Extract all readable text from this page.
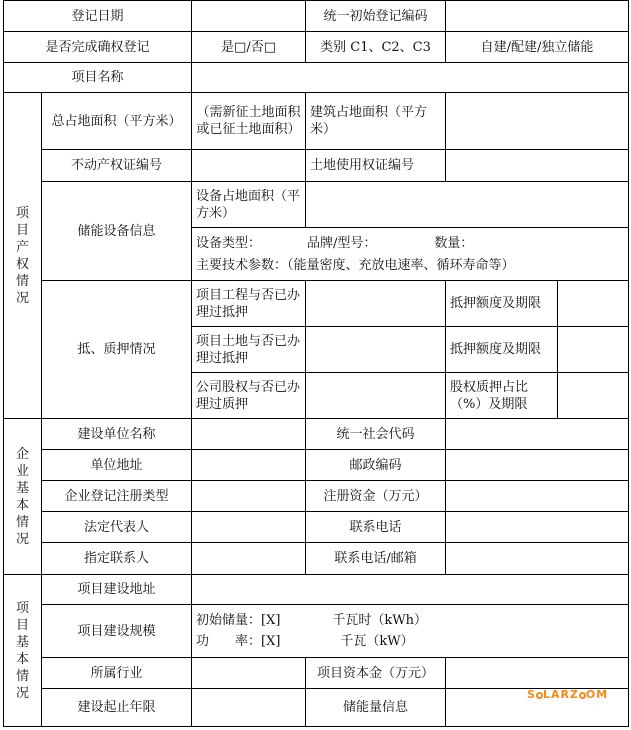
登记日期			统一初始登记编码		
是否完成确权登记		是□/否□	类别 C1、C2、C3	自建/配建/独立储能	
项目名称					
项目产权情况	总占地面积（平方米）	（需新征土地面积或已征土地面积）	建筑占地面积（平方米）		
	不动产权证编号		土地使用权证编号		
	储能设备信息	设备占地面积（平方米）			

		设备类型： 品牌/型号： 数量：
主要技术参数：（能量密度、充放电速率、循环寿命等）			

	抵、质押情况	项目工程与否已办理过抵押		抵押额度及期限	
		项目土地与否已办理过抵押		抵押额度及期限	
		公司股权与否已办理过质押		股权质押占比（%）及期限	
企业基本情况	建设单位名称		统一社会代码		
	单位地址		邮政编码		
	企业登记注册类型		注册资金（万元）		
	法定代表人		联系电话		
	指定联系人		联系电话/邮箱		
项目基本情况	项目建设地址				
	项目建设规模	初始储量：[X] 千瓦时（kWh）
功　　率：[X] 千瓦（kW）			

	所属行业		项目资本金（万元）		
	建设起止年限		储能量信息		
S LARZ OM
